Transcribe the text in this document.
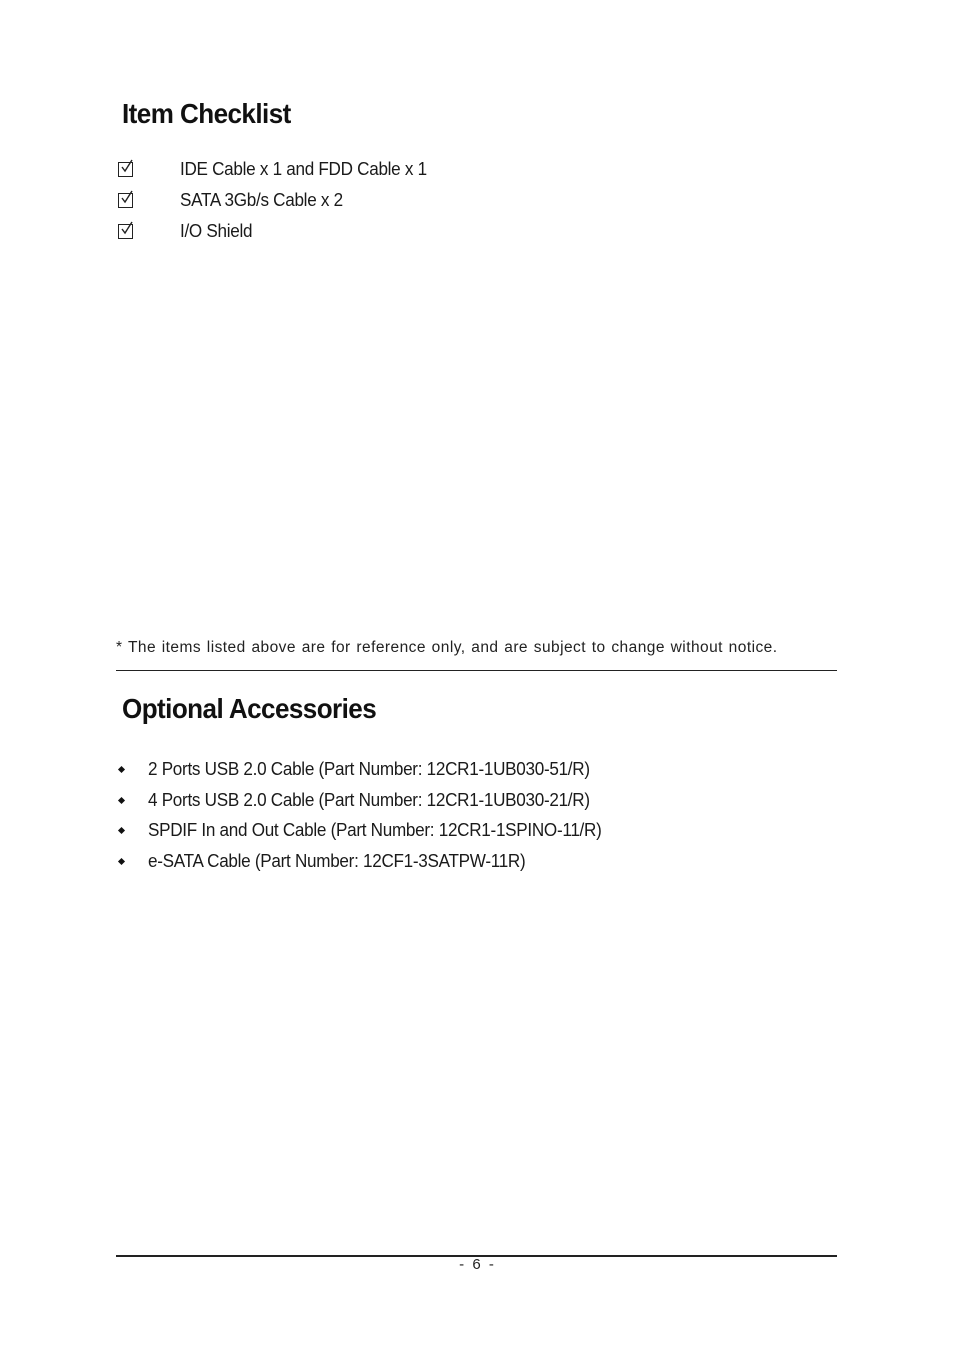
Item Checklist
IDE Cable x 1 and FDD Cable x 1
SATA 3Gb/s Cable x 2
I/O Shield

* The items listed above are for reference only, and are subject to change without notice.

Optional Accessories
2 Ports USB 2.0 Cable (Part Number: 12CR1-1UB030-51/R)
4 Ports USB 2.0 Cable (Part Number: 12CR1-1UB030-21/R)
SPDIF In and Out Cable (Part Number: 12CR1-1SPINO-11/R)
e-SATA Cable (Part Number: 12CF1-3SATPW-11R)
- 6 -
